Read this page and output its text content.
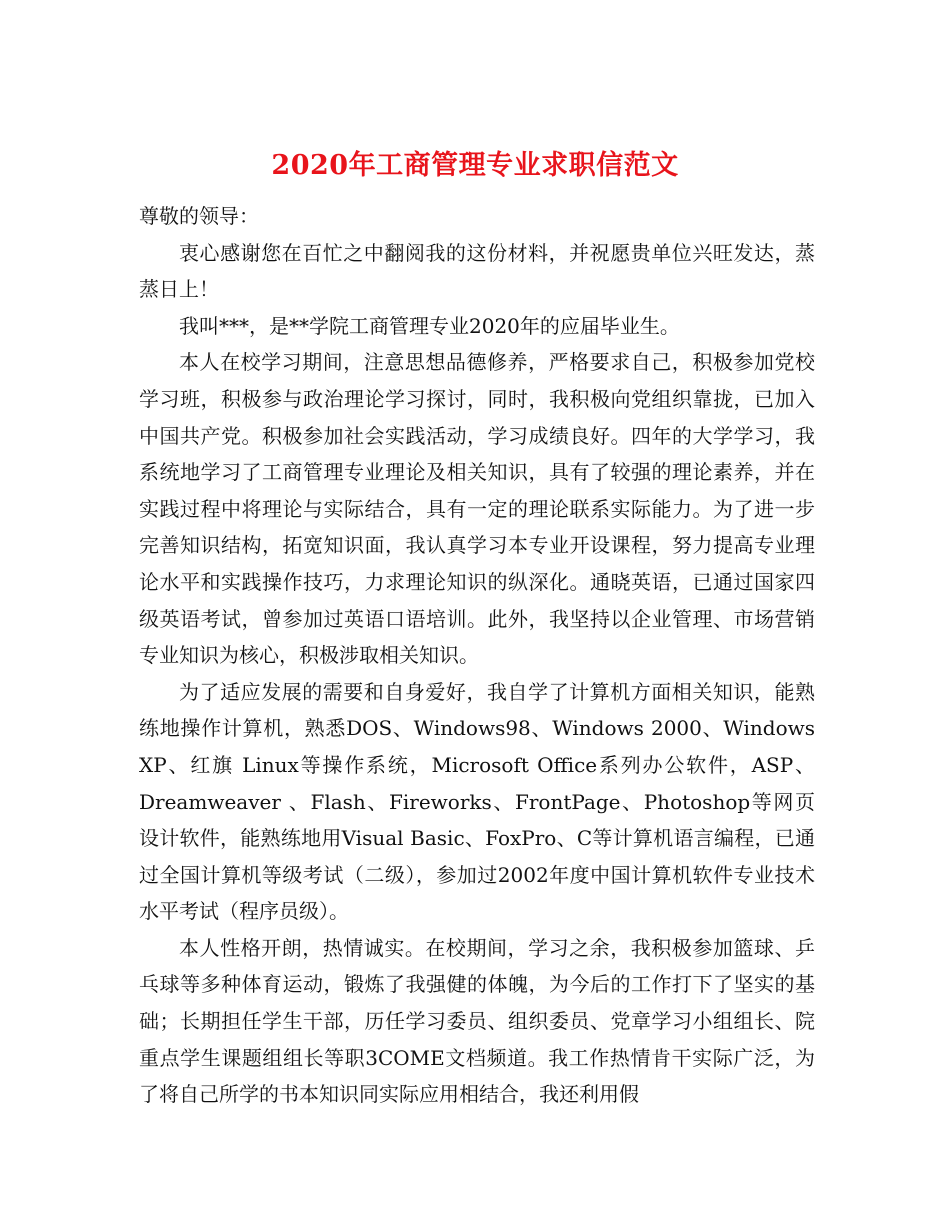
2020年工商管理专业求职信范文

尊敬的领导：

衷心感谢您在百忙之中翻阅我的这份材料，并祝愿贵单位兴旺发达，蒸蒸日上！

我叫***，是**学院工商管理专业2020年的应届毕业生。

本人在校学习期间，注意思想品德修养，严格要求自己，积极参加党校学习班，积极参与政治理论学习探讨，同时，我积极向党组织靠拢，已加入中国共产党。积极参加社会实践活动，学习成绩良好。四年的大学学习，我系统地学习了工商管理专业理论及相关知识，具有了较强的理论素养，并在实践过程中将理论与实际结合，具有一定的理论联系实际能力。为了进一步完善知识结构，拓宽知识面，我认真学习本专业开设课程，努力提高专业理论水平和实践操作技巧，力求理论知识的纵深化。通晓英语，已通过国家四级英语考试，曾参加过英语口语培训。此外，我坚持以企业管理、市场营销专业知识为核心，积极涉取相关知识。

为了适应发展的需要和自身爱好，我自学了计算机方面相关知识，能熟练地操作计算机，熟悉DOS、Windows98、Windows 2000、Windows XP、红旗 Linux等操作系统，Microsoft Office系列办公软件，ASP、Dreamweaver 、Flash、Fireworks、FrontPage、Photoshop等网页设计软件，能熟练地用Visual Basic、FoxPro、C等计算机语言编程，已通过全国计算机等级考试（二级），参加过2002年度中国计算机软件专业技术水平考试（程序员级）。

本人性格开朗，热情诚实。在校期间，学习之余，我积极参加篮球、乒乓球等多种体育运动，锻炼了我强健的体魄，为今后的工作打下了坚实的基础；长期担任学生干部，历任学习委员、组织委员、党章学习小组组长、院重点学生课题组组长等职3COME文档频道。我工作热情肯干实际广泛，为了将自己所学的书本知识同实际应用相结合，我还利用假
